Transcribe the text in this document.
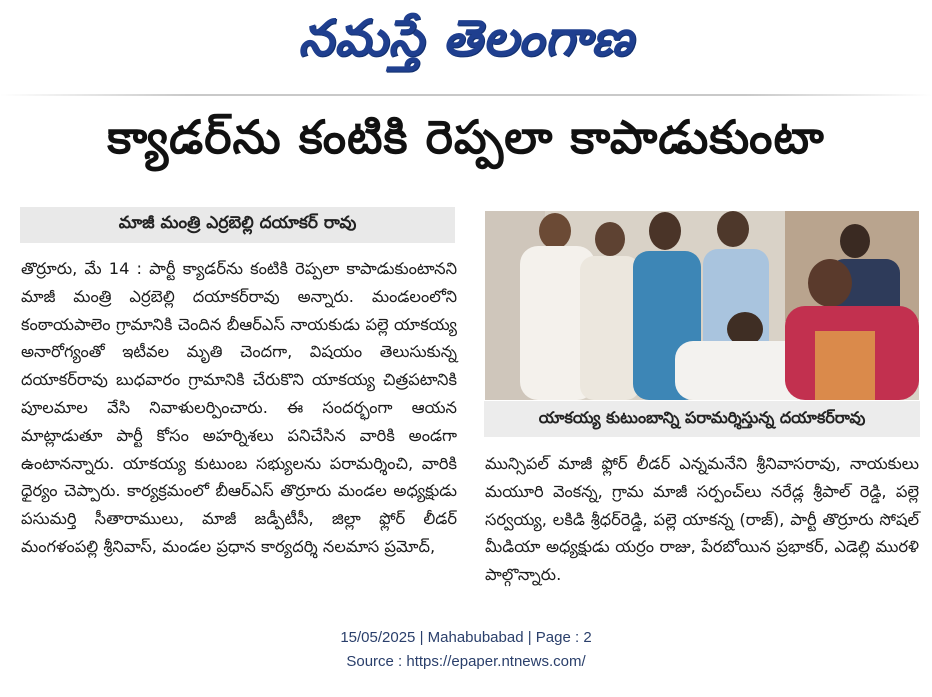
నమస్తే తెలంగాణ
క్యాడర్‌ను కంటికి రెప్పలా కాపాడుకుంటా
మాజీ మంత్రి ఎర్రబెల్లి దయాకర్ రావు
తొర్రూరు, మే 14 : పార్టీ క్యాడర్‌ను కంటికి రెప్పలా కాపాడుకుంటానని మాజీ మంత్రి ఎర్రబెల్లి దయాకర్‌రావు అన్నారు. మండలంలోని కంఠాయపాలెం గ్రామానికి చెందిన బీఆర్ఎస్ నాయకుడు పల్లె యాకయ్య అనారోగ్యంతో ఇటీవల మృతి చెందగా, విషయం తెలుసుకున్న దయాకర్‌రావు బుధవారం గ్రామానికి చేరుకొని యాకయ్య చిత్రపటానికి పూలమాల వేసి నివాళులర్పించారు. ఈ సందర్భంగా ఆయన మాట్లాడుతూ పార్టీ కోసం అహర్నిశలు పనిచేసిన వారికి అండగా ఉంటానన్నారు. యాకయ్య కుటుంబ సభ్యులను పరామర్శించి, వారికి ధైర్యం చెప్పారు. కార్యక్రమంలో బీఆర్ఎస్ తొర్రూరు మండల అధ్యక్షుడు పసుమర్తి సీతారాములు, మాజీ జడ్పీటీసీ, జిల్లా ఫ్లోర్ లీడర్ మంగళంపల్లి శ్రీనివాస్, మండల ప్రధాన కార్యదర్శి నలమాస ప్రమోద్,
యాకయ్య కుటుంబాన్ని పరామర్శిస్తున్న దయాకర్‌రావు
మున్సిపల్ మాజీ ఫ్లోర్ లీడర్ ఎన్నమనేని శ్రీనివాసరావు, నాయకులు మయూరి వెంకన్న, గ్రామ మాజీ సర్పంచ్‌లు నరేడ్ల శ్రీపాల్ రెడ్డి, పల్లె సర్వయ్య, లకిడి శ్రీధర్‌రెడ్డి, పల్లె యాకన్న (రాజ్), పార్టీ తొర్రూరు సోషల్ మీడియా అధ్యక్షుడు యర్రం రాజు, పేరబోయిన ప్రభాకర్, ఎడెల్లి మురళి పాల్గొన్నారు.
15/05/2025 | Mahabubabad | Page : 2
Source : https://epaper.ntnews.com/
